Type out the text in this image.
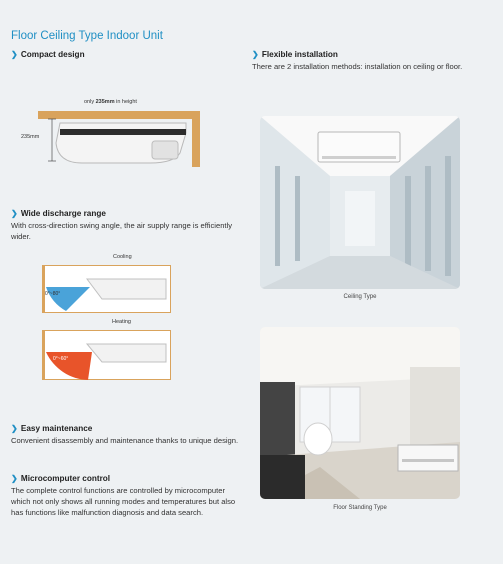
Floor Ceiling Type Indoor Unit
❯ Compact design
only 235mm in height
235mm
❯ Wide discharge range
With cross-direction swing angle, the air supply range is efficiently wider.
Cooling
0°~80°
Heating
0°~60°
❯ Easy maintenance
Convenient disassembly and maintenance thanks to unique design.
❯ Microcomputer control
The complete control functions are controlled by microcomputer which not only shows all running modes and temperatures but also has functions like malfunction diagnosis and data search.
❯ Flexible installation
There are 2 installation methods: installation on ceiling or floor.
Ceiling Type
Floor Standing Type
